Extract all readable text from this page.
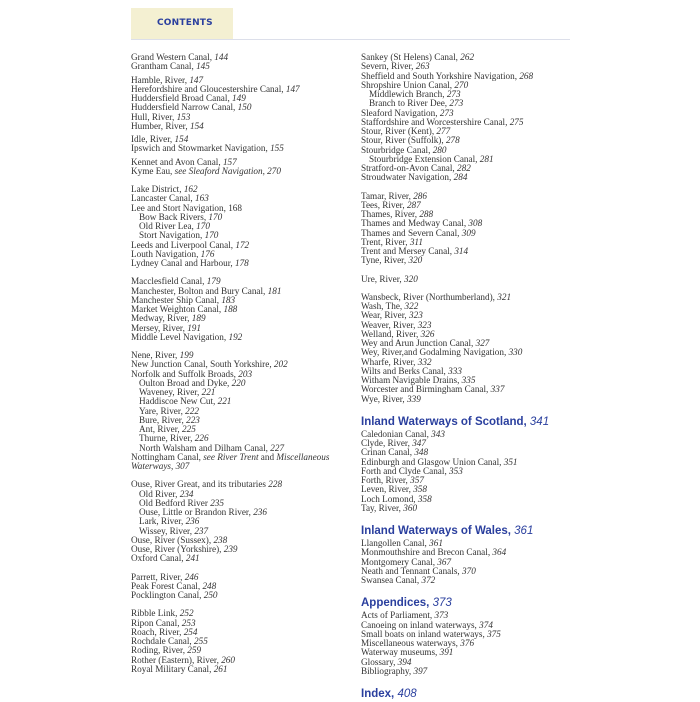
CONTENTS
Grand Western Canal, 144
Grantham Canal, 145
Hamble, River, 147
Herefordshire and Gloucestershire Canal, 147
Huddersfield Broad Canal, 149
Huddersfield Narrow Canal, 150
Hull, River, 153
Humber, River, 154
Idle, River, 154
Ipswich and Stowmarket Navigation, 155
Kennet and Avon Canal, 157
Kyme Eau, see Sleaford Navigation, 270
Lake District, 162
Lancaster Canal, 163
Lee and Stort Navigation, 168
Bow Back Rivers, 170
Old River Lea, 170
Stort Navigation, 170
Leeds and Liverpool Canal, 172
Louth Navigation, 176
Lydney Canal and Harbour, 178
Macclesfield Canal, 179
Manchester, Bolton and Bury Canal, 181
Manchester Ship Canal, 183
Market Weighton Canal, 188
Medway, River, 189
Mersey, River, 191
Middle Level Navigation, 192
Nene, River, 199
New Junction Canal, South Yorkshire, 202
Norfolk and Suffolk Broads, 203
Oulton Broad and Dyke, 220
Waveney, River, 221
Haddiscoe New Cut, 221
Yare, River, 222
Bure, River, 223
Ant, River, 225
Thurne, River, 226
North Walsham and Dilham Canal, 227
Nottingham Canal, see River Trent and Miscellaneous Waterways, 307
Ouse, River Great, and its tributaries 228
Old River, 234
Old Bedford River 235
Ouse, Little or Brandon River, 236
Lark, River, 236
Wissey, River, 237
Ouse, River (Sussex), 238
Ouse, River (Yorkshire), 239
Oxford Canal, 241
Parrett, River, 246
Peak Forest Canal, 248
Pocklington Canal, 250
Ribble Link, 252
Ripon Canal, 253
Roach, River, 254
Rochdale Canal, 255
Roding, River, 259
Rother (Eastern), River, 260
Royal Military Canal, 261
Sankey (St Helens) Canal, 262
Severn, River, 263
Sheffield and South Yorkshire Navigation, 268
Shropshire Union Canal, 270
Middlewich Branch, 273
Branch to River Dee, 273
Sleaford Navigation, 273
Staffordshire and Worcestershire Canal, 275
Stour, River (Kent), 277
Stour, River (Suffolk), 278
Stourbridge Canal, 280
Stourbridge Extension Canal, 281
Stratford-on-Avon Canal, 282
Stroudwater Navigation, 284
Tamar, River, 286
Tees, River, 287
Thames, River, 288
Thames and Medway Canal, 308
Thames and Severn Canal, 309
Trent, River, 311
Trent and Mersey Canal, 314
Tyne, River, 320
Ure, River, 320
Wansbeck, River (Northumberland), 321
Wash, The, 322
Wear, River, 323
Weaver, River, 323
Welland, River, 326
Wey and Arun Junction Canal, 327
Wey, River,and Godalming Navigation, 330
Wharfe, River, 332
Wilts and Berks Canal, 333
Witham Navigable Drains, 335
Worcester and Birmingham Canal, 337
Wye, River, 339
Inland Waterways of Scotland, 341
Caledonian Canal, 343
Clyde, River, 347
Crinan Canal, 348
Edinburgh and Glasgow Union Canal, 351
Forth and Clyde Canal, 353
Forth, River, 357
Leven, River, 358
Loch Lomond, 358
Tay, River, 360
Inland Waterways of Wales, 361
Llangollen Canal, 361
Monmouthshire and Brecon Canal, 364
Montgomery Canal, 367
Neath and Tennant Canals, 370
Swansea Canal, 372
Appendices, 373
Acts of Parliament, 373
Canoeing on inland waterways, 374
Small boats on inland waterways, 375
Miscellaneous waterways, 376
Waterway museums, 391
Glossary, 394
Bibliography, 397
Index, 408
